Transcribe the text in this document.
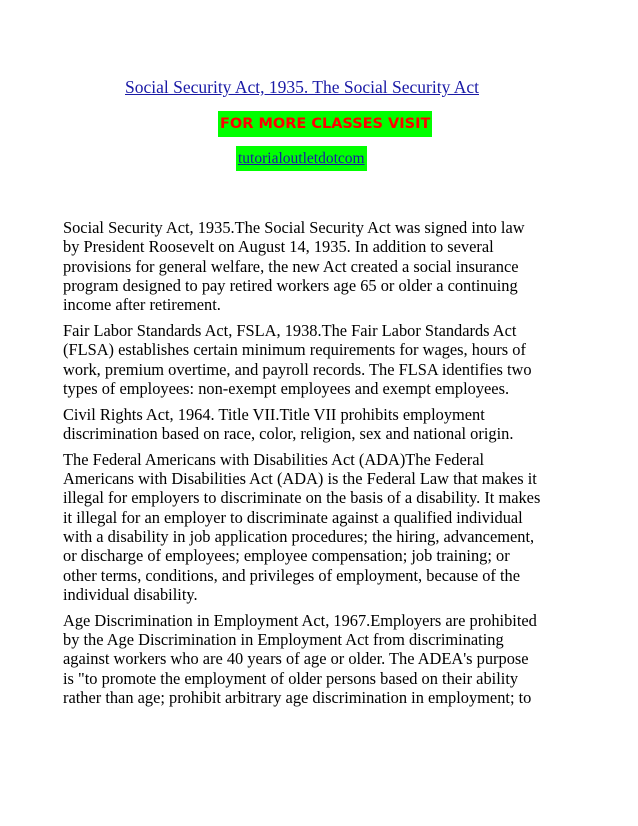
Social Security Act, 1935. The Social Security Act
FOR MORE CLASSES VISIT
tutorialoutletdotcom

Social Security Act, 1935.The Social Security Act was signed into law
by President Roosevelt on August 14, 1935. In addition to several
provisions for general welfare, the new Act created a social insurance
program designed to pay retired workers age 65 or older a continuing
income after retirement.

Fair Labor Standards Act, FSLA, 1938.The Fair Labor Standards Act
(FLSA) establishes certain minimum requirements for wages, hours of
work, premium overtime, and payroll records. The FLSA identifies two
types of employees: non-exempt employees and exempt employees.

Civil Rights Act, 1964. Title VII.Title VII prohibits employment
discrimination based on race, color, religion, sex and national origin.

The Federal Americans with Disabilities Act (ADA)The Federal
Americans with Disabilities Act (ADA) is the Federal Law that makes it
illegal for employers to discriminate on the basis of a disability. It makes
it illegal for an employer to discriminate against a qualified individual
with a disability in job application procedures; the hiring, advancement,
or discharge of employees; employee compensation; job training; or
other terms, conditions, and privileges of employment, because of the
individual disability.

Age Discrimination in Employment Act, 1967.Employers are prohibited
by the Age Discrimination in Employment Act from discriminating
against workers who are 40 years of age or older. The ADEA's purpose
is "to promote the employment of older persons based on their ability
rather than age; prohibit arbitrary age discrimination in employment; to
